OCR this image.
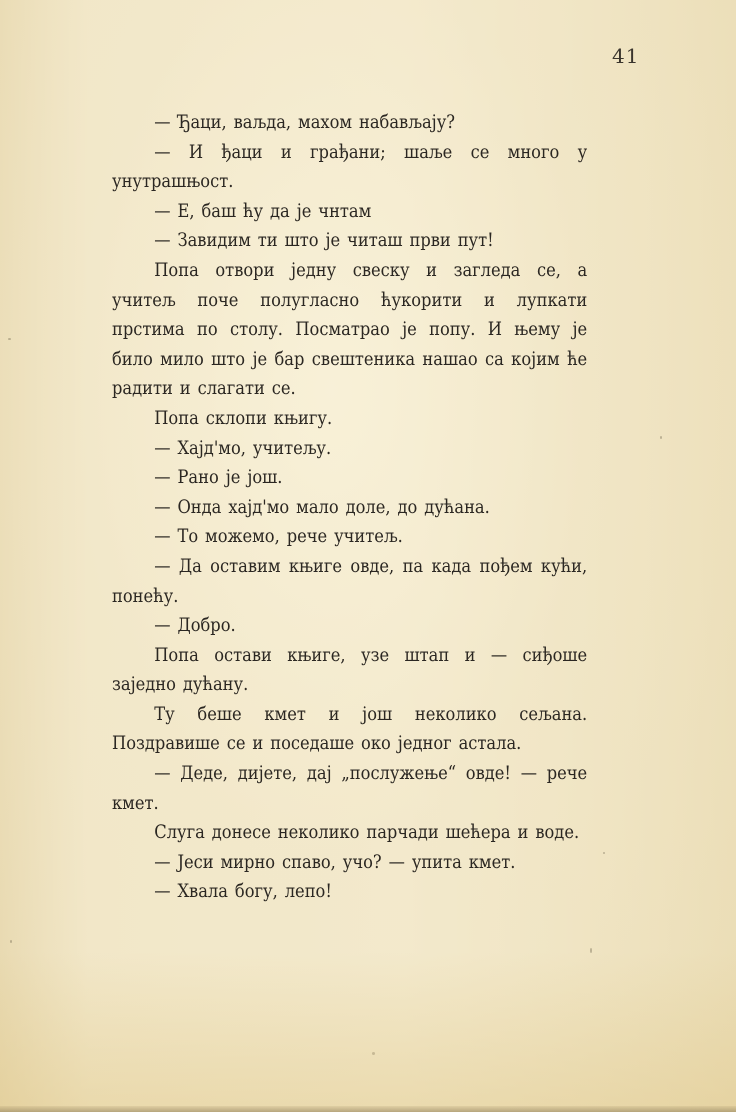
41

— Ђаци, ваљда, махом набављају?

— И ђаци и грађани; шаље се много у унутрашњост.

— Е, баш ћу да је чнтам

— Завидим ти што је читаш први пут!

Попа отвори једну свеску и загледа се, а учитељ поче полугласно ћукорити и лупкати прстима по столу. Посматрао је попу. И њему је било мило што је бар свештеника нашао са којим ће радити и слагати се.

Попа склопи књигу.

— Хајд'мо, учитељу.

— Рано је још.

— Онда хајд'мо мало доле, до дућана.

— То можемо, рече учитељ.

— Да оставим књиге овде, па када пођем кући, понећу.

— Добро.

Попа остави књиге, узе штап и — сиђоше заједно дућану.

Ту беше кмет и још неколико сељана. Поздравише се и поседаше око једног астала.

— Деде, дијете, дај „послужење“ овде! — рече кмет.

Слуга донесе неколико парчади шећера и воде.

— Јеси мирно спаво, учо? — упита кмет.

— Хвала богу, лепо!
